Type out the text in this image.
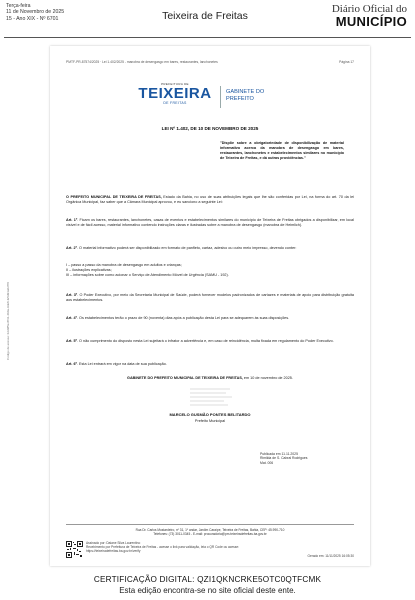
Terça-feira
11 de Novembro de 2025
15 - Ano XIX - Nº 6701	Teixeira de Freitas
Diário Oficial do
MUNICÍPIO
Código de acesso: b2d9f5e-8f41-4b0a-9de8-fa5d93a02f70
PMTF-PR-87574/2025 · Lei 1.402/2025 - manobra de desengasgo em bares, restaurantes, lanchonetes	Página 17
PREFEITURA DE
TEIXEIRA
DE FREITAS
GABINETE DO
PREFEITO
LEI Nº 1.402, DE 10 DE NOVEMBRO DE 2025
"Dispõe sobre a obrigatoriedade de disponibilização de material informativo acerca da manobra de desengasgo em bares, restaurantes, lanchonetes e estabelecimentos similares no município de Teixeira de Freitas, e dá outras providências."
O PREFEITO MUNICIPAL DE TEIXEIRA DE FREITAS, Estado da Bahia, no uso de suas atribuições legais que lhe são conferidas por Lei, na forma do art. 70 da lei Orgânica Municipal, faz saber que a Câmara Municipal aprovou, e eu sanciono a seguinte Lei:
Art. 1º. Ficam os bares, restaurantes, lanchonetes, casas de eventos e estabelecimentos similares do município de Teixeira de Freitas obrigados a disponibilizar, em local visível e de fácil acesso, material informativo contendo instruções claras e ilustradas sobre a manobra de desengasgo (manobra de Heimlich).
Art. 2º. O material informativo poderá ser disponibilizado em formato de panfleto, cartaz, adesivo ou outro meio impresso, devendo conter:
I – passo a passo da manobra de desengasgo em adultos e crianças;
II – ilustrações explicativas;
III – informações sobre como acionar o Serviço de Atendimento Móvel de Urgência (SAMU - 192).
Art. 3º. O Poder Executivo, por meio da Secretaria Municipal de Saúde, poderá fornecer modelos padronizados de cartazes e materiais de apoio para distribuição gratuita aos estabelecimentos.
Art. 4º. Os estabelecimentos terão o prazo de 90 (noventa) dias após a publicação desta Lei para se adequarem às suas disposições.
Art. 5º. O não cumprimento do disposto nesta Lei sujeitará o infrator a advertência e, em caso de reincidência, multa fixada em regulamento do Poder Executivo.
Art. 6º. Esta Lei entrará em vigor na data de sua publicação.
GABINETE DO PREFEITO MUNICIPAL DE TEIXEIRA DE FREITAS, em 10 de novembro de 2025.
MARCELO GUSMÃO PONTES BELITARDO
Prefeito Municipal
Publicada em 11.11.2025
Rimilda de S. Cabral Rodrigues
Mat. 006
Rua Dr. Carlos Mostardeiro, nº 31, 1º andar, Jardim Caraípe, Teixeira de Freitas, Bahia, CEP: 45.990-710
Telefones: (73) 3011-0345 - E-mail: procuradoria@pm.teixeiradefreitas.ba.gov.br
Assinado por: Daiane Silva Laurentino
Recebimento por Prefeitura de Teixeira de Freitas - acesse o link para validação, leia o QR Code ou acesse:
https://teixeiradefreitas.ba.gov.br/verify
Gerado em: 11/11/2025 16:05:30
CERTIFICAÇÃO DIGITAL: QZI1QKNCRKE5OTC0QTFCMK
Esta edição encontra-se no site oficial deste ente.
